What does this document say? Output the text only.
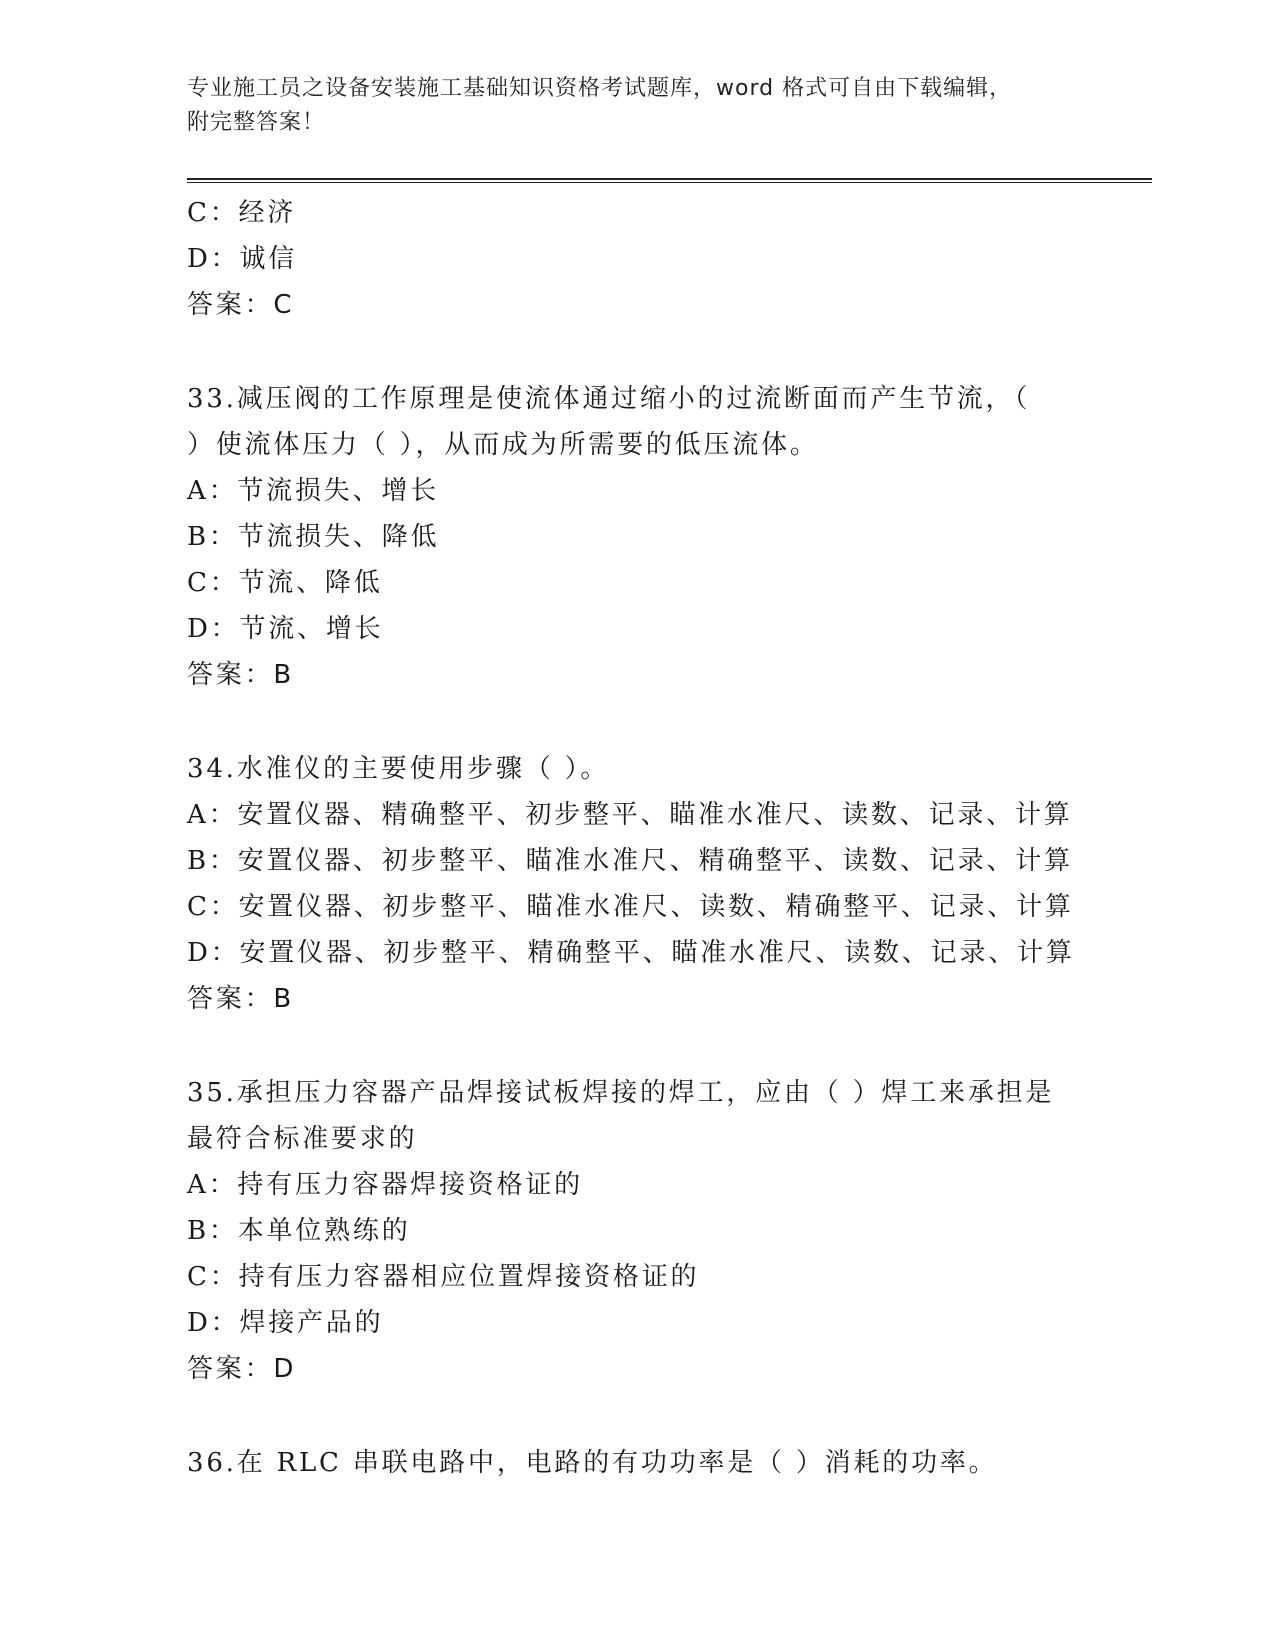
专业施工员之设备安装施工基础知识资格考试题库，word 格式可自由下载编辑，
附完整答案！
C：经济
D：诚信
答案：C
33.减压阀的工作原理是使流体通过缩小的过流断面而产生节流，（
）使流体压力（ ），从而成为所需要的低压流体。
A：节流损失、增长
B：节流损失、降低
C：节流、降低
D：节流、增长
答案：B
34.水准仪的主要使用步骤（ ）。
A：安置仪器、精确整平、初步整平、瞄准水准尺、读数、记录、计算
B：安置仪器、初步整平、瞄准水准尺、精确整平、读数、记录、计算
C：安置仪器、初步整平、瞄准水准尺、读数、精确整平、记录、计算
D：安置仪器、初步整平、精确整平、瞄准水准尺、读数、记录、计算
答案：B
35.承担压力容器产品焊接试板焊接的焊工，应由（ ）焊工来承担是
最符合标准要求的
A：持有压力容器焊接资格证的
B：本单位熟练的
C：持有压力容器相应位置焊接资格证的
D：焊接产品的
答案：D
36.在 RLC 串联电路中，电路的有功功率是（ ）消耗的功率。
